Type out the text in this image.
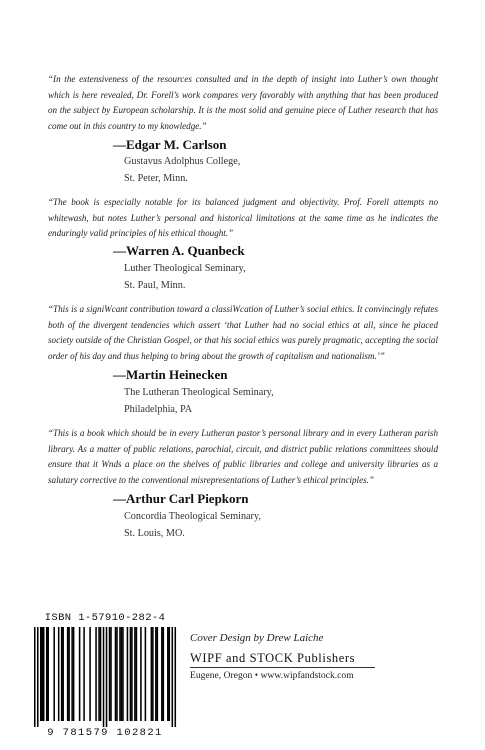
“In the extensiveness of the resources consulted and in the depth of insight into Luther’s own thought which is here revealed, Dr. Forell’s work compares very favorably with anything that has been produced on the subject by European scholarship. It is the most solid and genuine piece of Luther research that has come out in this country to my knowledge.”
—Edgar M. Carlson
Gustavus Adolphus College,
St. Peter, Minn.
“The book is especially notable for its balanced judgment and objectivity. Prof. Forell attempts no whitewash, but notes Luther’s personal and historical limitations at the same time as he indicates the enduringly valid principles of his ethical thought.”
—Warren A. Quanbeck
Luther Theological Seminary,
St. Paul, Minn.
“This is a signiWcant contribution toward a classiWcation of Luther’s social ethics. It convincingly refutes both of the divergent tendencies which assert ‘that Luther had no social ethics at all, since he placed society outside of the Christian Gospel, or that his social ethics was purely pragmatic, accepting the social order of his day and thus helping to bring about the growth of capitalism and nationalism.’”
—Martin Heinecken
The Lutheran Theological Seminary,
Philadelphia, PA
“This is a book which should be in every Lutheran pastor’s personal library and in every Lutheran parish library. As a matter of public relations, parochial, circuit, and district public relations committees should ensure that it Wnds a place on the shelves of public libraries and college and university libraries as a salutary corrective to the conventional misrepresentations of Luther’s ethical principles.”
—Arthur Carl Piepkorn
Concordia Theological Seminary,
St. Louis, MO.
ISBN 1-57910-282-4
9 781579 102821
Cover Design by Drew Laiche
WIPF and STOCK Publishers
Eugene, Oregon • www.wipfandstock.com
